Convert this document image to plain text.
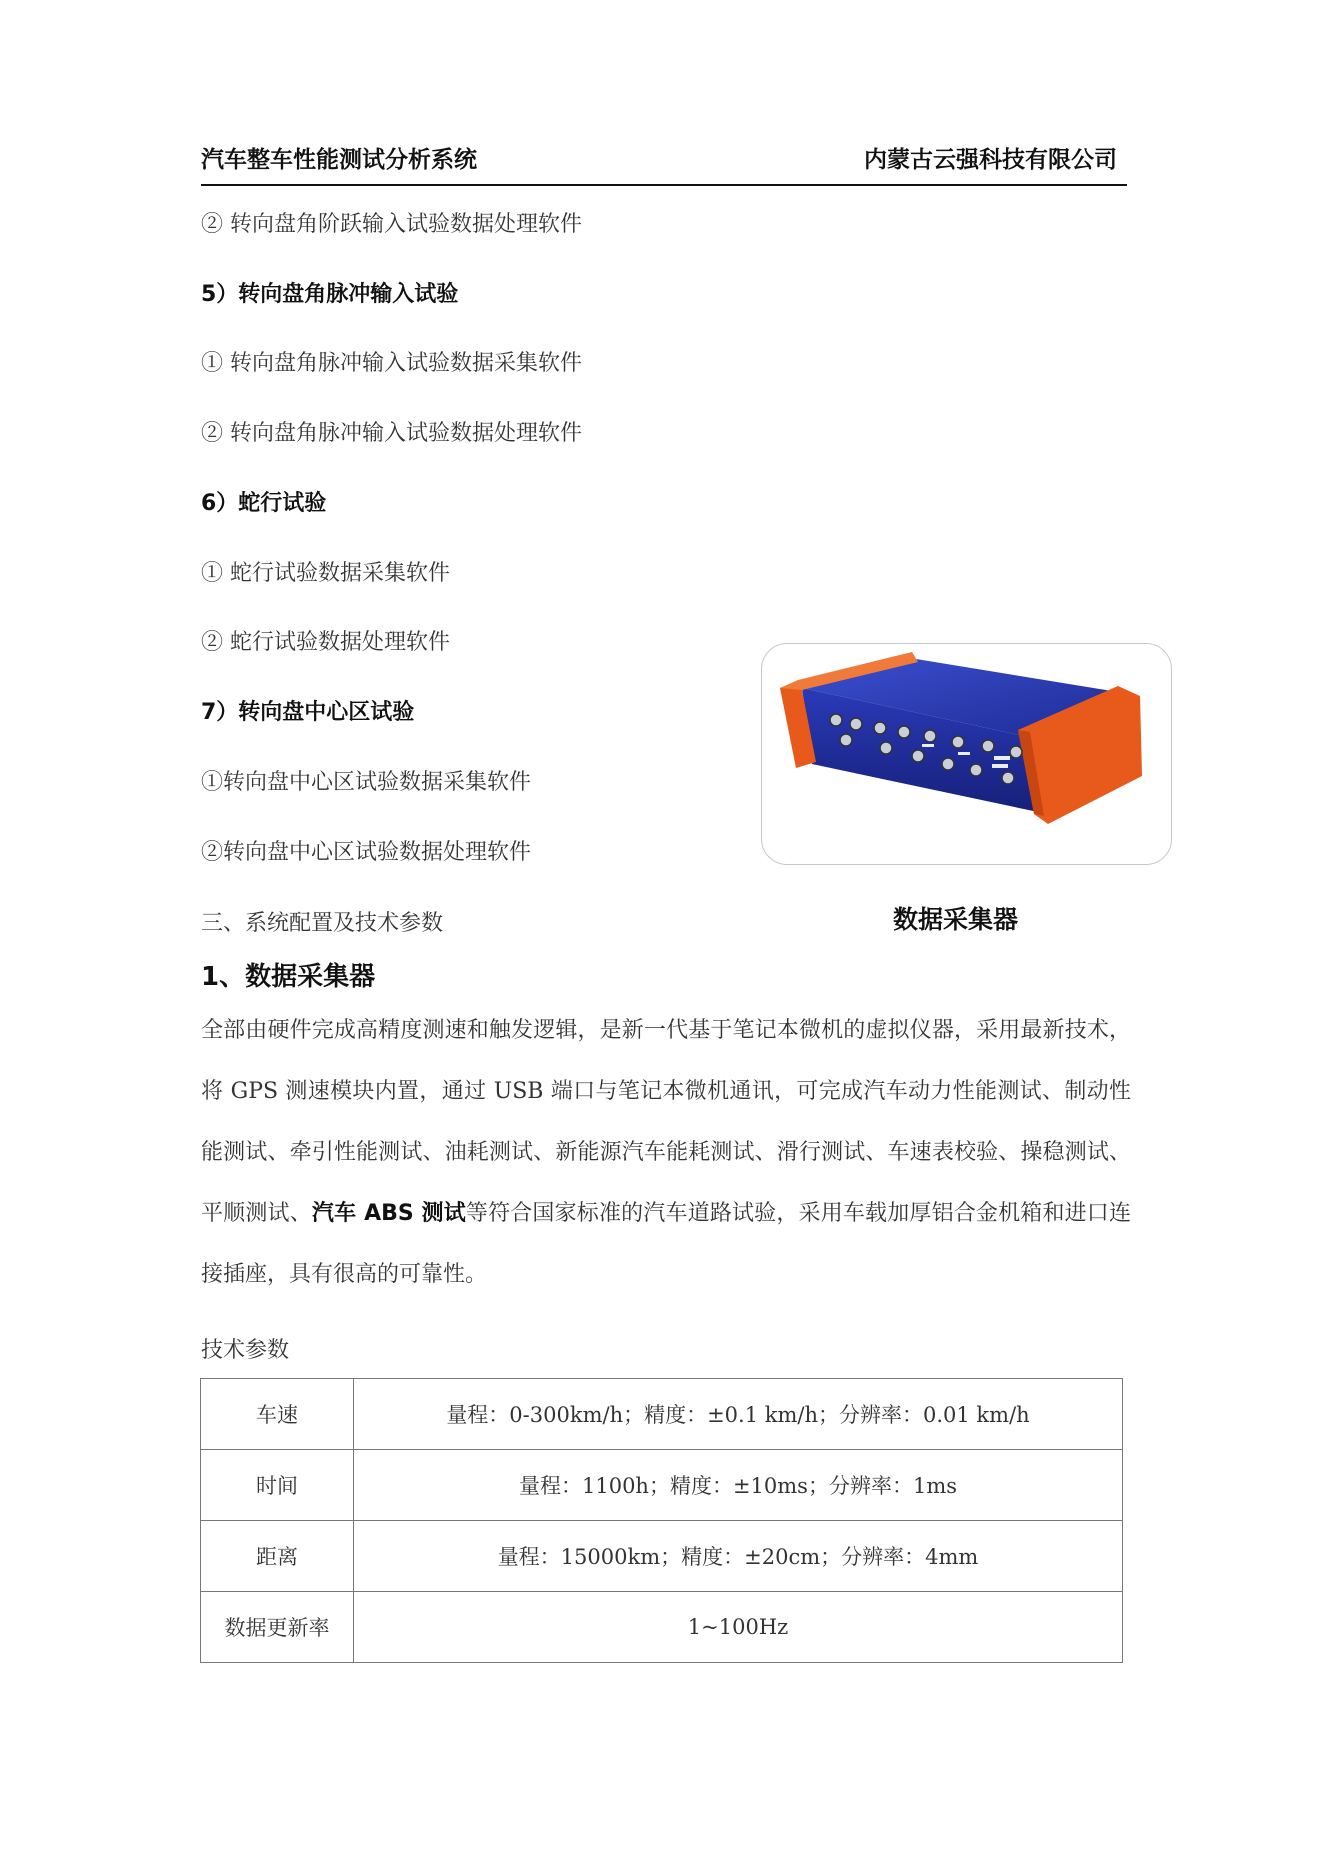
汽车整车性能测试分析系统	内蒙古云强科技有限公司
② 转向盘角阶跃输入试验数据处理软件
5）转向盘角脉冲输入试验
① 转向盘角脉冲输入试验数据采集软件
② 转向盘角脉冲输入试验数据处理软件
6）蛇行试验
① 蛇行试验数据采集软件
② 蛇行试验数据处理软件
7）转向盘中心区试验
①转向盘中心区试验数据采集软件
②转向盘中心区试验数据处理软件
三、系统配置及技术参数	数据采集器
1、数据采集器
全部由硬件完成高精度测速和触发逻辑，是新一代基于笔记本微机的虚拟仪器，采用最新技术，将 GPS 测速模块内置，通过 USB 端口与笔记本微机通讯，可完成汽车动力性能测试、制动性能测试、牵引性能测试、油耗测试、新能源汽车能耗测试、滑行测试、车速表校验、操稳测试、平顺测试、汽车 ABS 测试等符合国家标准的汽车道路试验，采用车载加厚铝合金机箱和进口连接插座，具有很高的可靠性。
技术参数
车速	量程：0-300km/h；精度：±0.1 km/h；分辨率：0.01 km/h
时间	量程：1100h；精度：±10ms；分辨率：1ms
距离	量程：15000km；精度：±20cm；分辨率：4mm
数据更新率	1~100Hz
